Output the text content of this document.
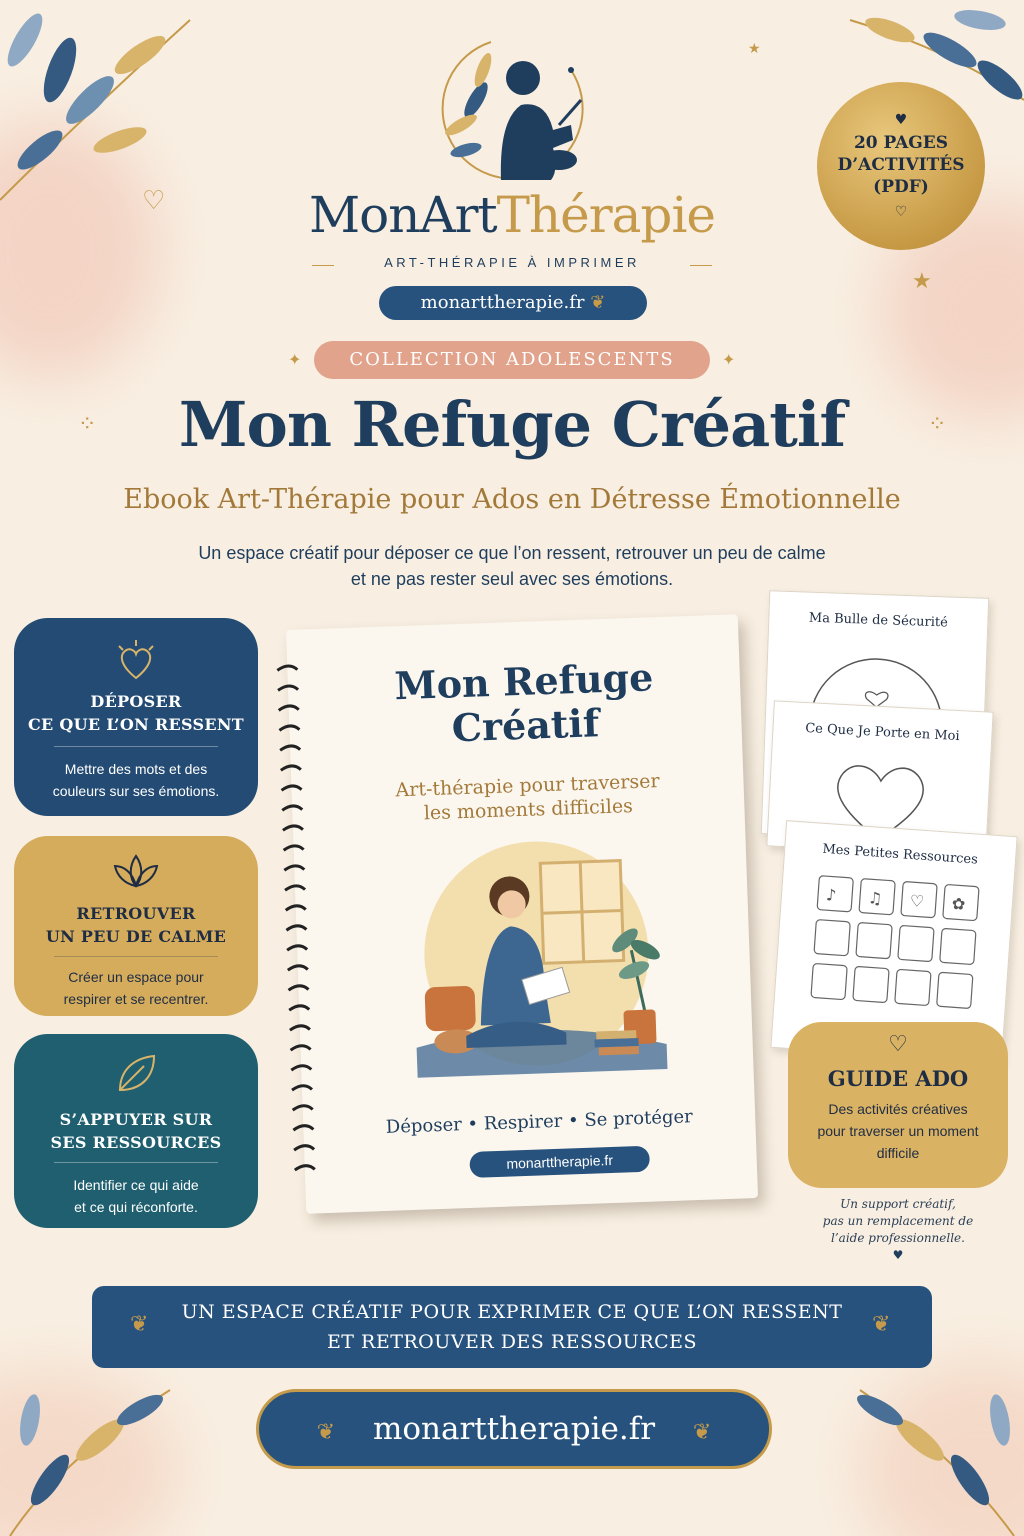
♡
★
★
MonArtThérapie
ART-THÉRAPIE À IMPRIMER
monarttherapie.fr ❦
♥
20 PAGES
D’ACTIVITÉS
(PDF)
♡
COLLECTION ADOLESCENTS
✦	✦
Mon Refuge Créatif
⁘	⁘
Ebook Art-Thérapie pour Ados en Détresse Émotionnelle
Un espace créatif pour déposer ce que l’on ressent, retrouver un peu de calme
et ne pas rester seul avec ses émotions.
DÉPOSER
CE QUE L’ON RESSENT
Mettre des mots et des
couleurs sur ses émotions.
RETROUVER
UN PEU DE CALME
Créer un espace pour
respirer et se recentrer.
S’APPUYER SUR
SES RESSOURCES
Identifier ce qui aide
et ce qui réconforte.
Mon Refuge
Créatif
Art-thérapie pour traverser
les moments difficiles
Déposer • Respirer • Se protéger
monarttherapie.fr
Ma Bulle de Sécurité
Ce Que Je Porte en Moi
Mes Petites Ressources
♪ ♫ ♡ ✿
♡
GUIDE ADO
Des activités créatives
pour traverser un moment
difficile
Un support créatif,
pas un remplacement de
l’aide professionnelle.
♥
UN ESPACE CRÉATIF POUR EXPRIMER CE QUE L’ON RESSENT
ET RETROUVER DES RESSOURCES
❦	❦
❦ monarttherapie.fr ❦
